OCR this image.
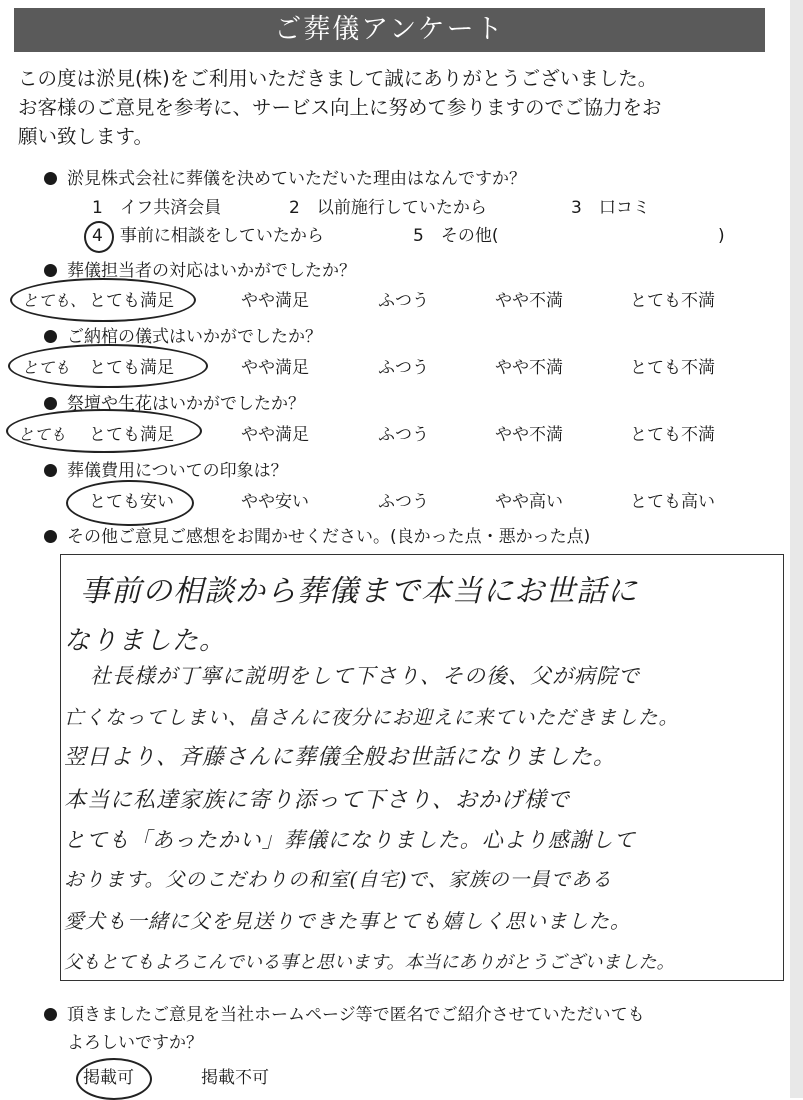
ご葬儀アンケート
この度は淤見(株)をご利用いただきまして誠にありがとうございました。
お客様のご意見を参考に、サービス向上に努めて参りますのでご協力をお
願い致します。
淤見株式会社に葬儀を決めていただいた理由はなんですか？
1　イフ共済会員	2　以前施行していたから	3　口コミ
4　事前に相談をしていたから	5　その他(	)
葬儀担当者の対応はいかがでしたか？
とても、 とても満足	やや満足	ふつう	やや不満	とても不満
ご納棺の儀式はいかがでしたか？
とても とても満足	やや満足	ふつう	やや不満	とても不満
祭壇や生花はいかがでしたか？
とても とても満足	やや満足	ふつう	やや不満	とても不満
葬儀費用についての印象は？
とても安い	やや安い	ふつう	やや高い	とても高い
その他ご意見ご感想をお聞かせください。(良かった点・悪かった点)
事前の相談から葬儀まで本当にお世話に
なりました。
社長様が丁寧に説明をして下さり、その後、父が病院で
亡くなってしまい、畠さんに夜分にお迎えに来ていただきました。
翌日より、斉藤さんに葬儀全般お世話になりました。
本当に私達家族に寄り添って下さり、おかげ様で
とても「あったかい」葬儀になりました。心より感謝して
おります。父のこだわりの和室(自宅)で、家族の一員である
愛犬も一緒に父を見送りできた事とても嬉しく思いました。
父もとてもよろこんでいる事と思います。本当にありがとうございました。
頂きましたご意見を当社ホームページ等で匿名でご紹介させていただいても
よろしいですか？
掲載可	掲載不可
